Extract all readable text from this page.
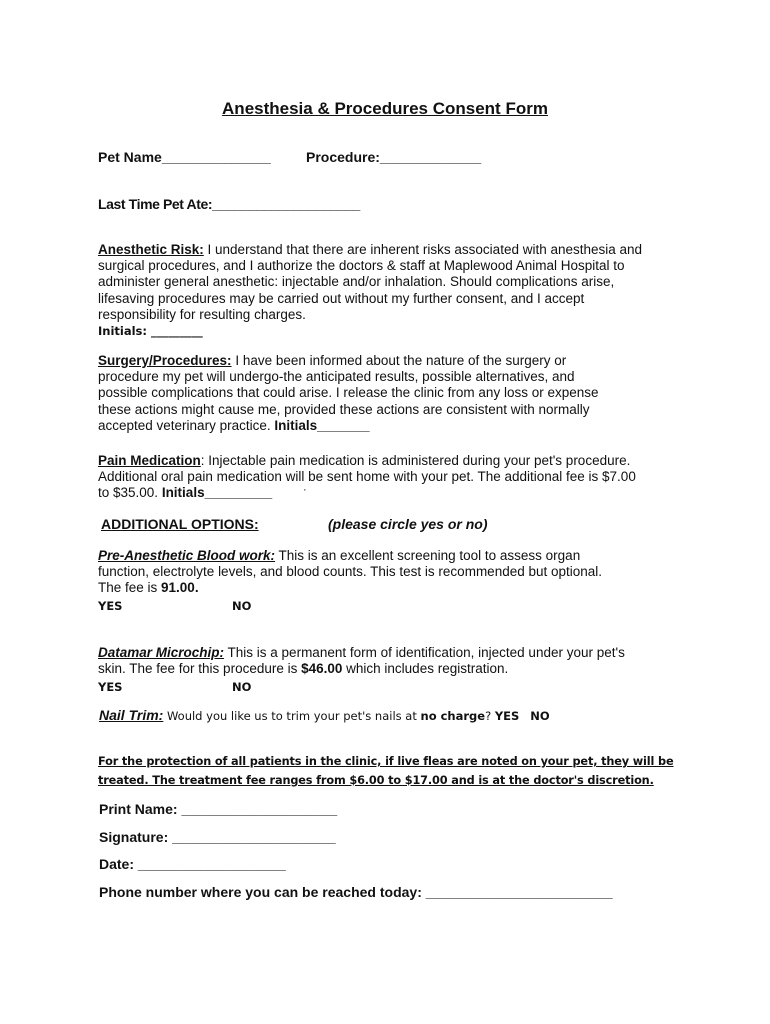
Anesthesia & Procedures Consent Form
Pet Name______________	Procedure:_____________
Last Time Pet Ate:____________________
Anesthetic Risk: I understand that there are inherent risks associated with anesthesia and
surgical procedures, and I authorize the doctors & staff at Maplewood Animal Hospital to
administer general anesthetic: injectable and/or inhalation. Should complications arise,
lifesaving procedures may be carried out without my further consent, and I accept
responsibility for resulting charges.
Initials: _________
Surgery/Procedures: I have been informed about the nature of the surgery or
procedure my pet will undergo-the anticipated results, possible alternatives, and
possible complications that could arise. I release the clinic from any loss or expense
these actions might cause me, provided these actions are consistent with normally
accepted veterinary practice. Initials_______
Pain Medication: Injectable pain medication is administered during your pet's procedure.
Additional oral pain medication will be sent home with your pet. The additional fee is $7.00
to $35.00. Initials_________	·
ADDITIONAL OPTIONS:	(please circle yes or no)
Pre-Anesthetic Blood work: This is an excellent screening tool to assess organ
function, electrolyte levels, and blood counts. This test is recommended but optional.
The fee is 91.00.
YES	NO
Datamar Microchip: This is a permanent form of identification, injected under your pet's
skin. The fee for this procedure is $46.00 which includes registration.
YES	NO
Nail Trim: Would you like us to trim your pet's nails at no charge? YES NO
For the protection of all patients in the clinic, if live fleas are noted on your pet, they will be
treated. The treatment fee ranges from $6.00 to $17.00 and is at the doctor's discretion.
Print Name: ____________________
Signature: _____________________
Date: ___________________
Phone number where you can be reached today: ________________________
